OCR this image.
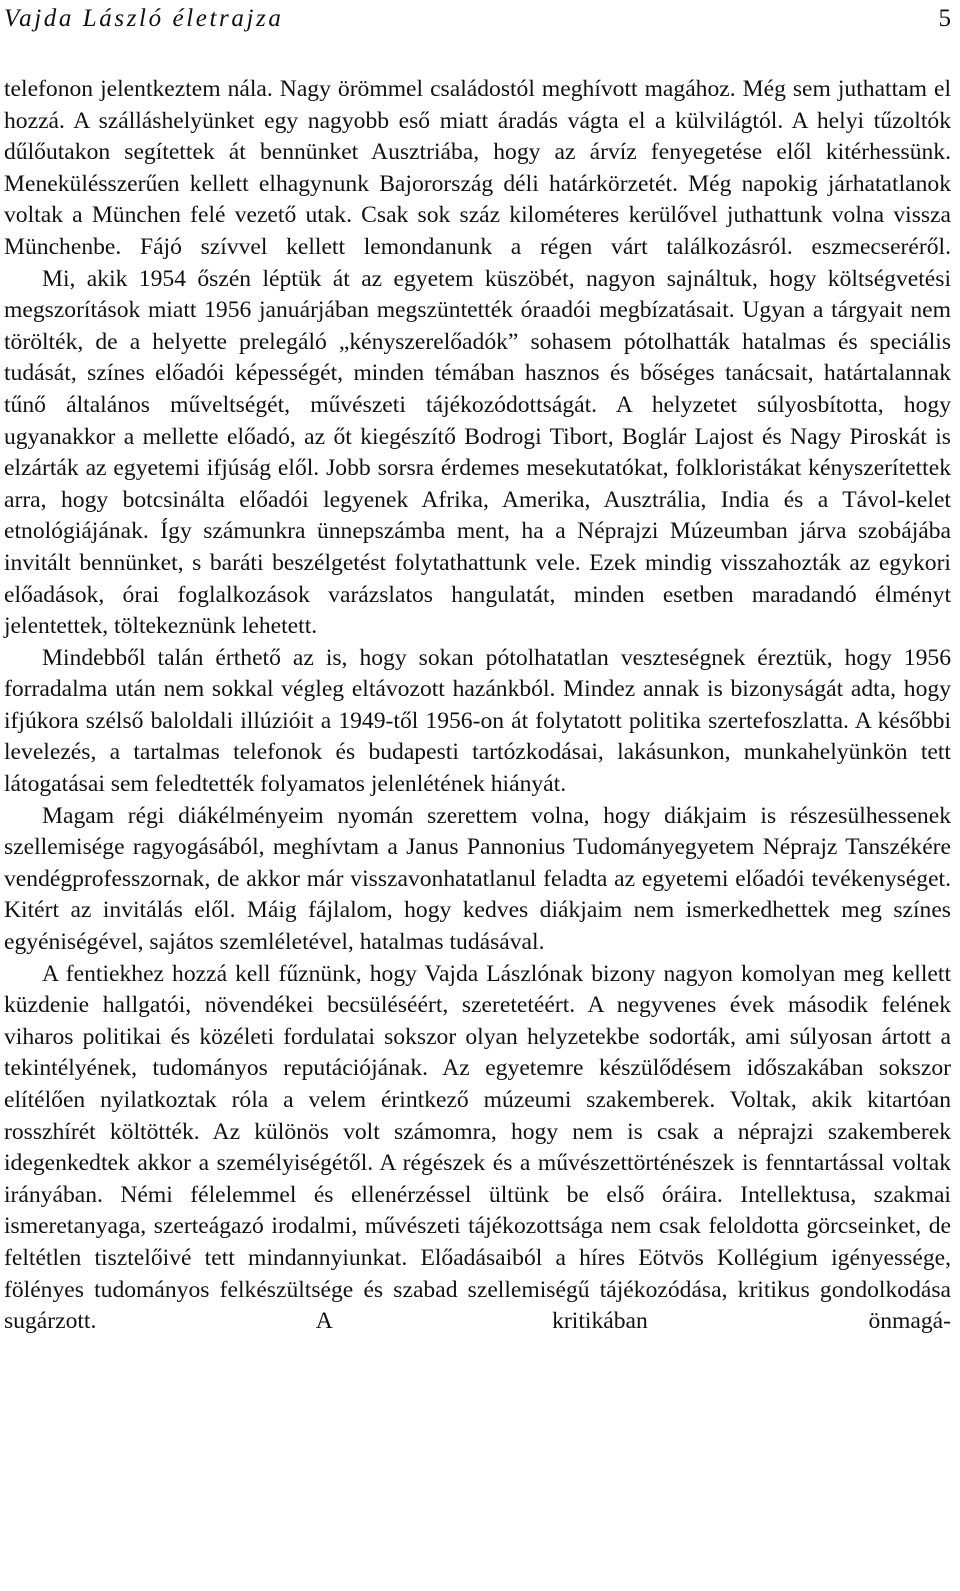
Vajda László életrajza	5

telefonon jelentkeztem nála. Nagy örömmel családostól meghívott magához. Még sem juthattam el hozzá. A szálláshelyünket egy nagyobb eső miatt áradás vágta el a külvilágtól. A helyi tűzoltók dűlőutakon segítettek át bennünket Ausztriába, hogy az árvíz fenyegetése elől kitérhessünk. Menekülésszerűen kellett elhagynunk Bajorország déli határkörzetét. Még napokig járhatatlanok voltak a München felé vezető utak. Csak sok száz kilométeres kerülővel juthattunk volna vissza Münchenbe. Fájó szívvel kellett lemondanunk a régen várt találkozásról. eszmecseréről.

Mi, akik 1954 őszén léptük át az egyetem küszöbét, nagyon sajnáltuk, hogy költségvetési megszorítások miatt 1956 januárjában megszüntették óraadói megbízatásait. Ugyan a tárgyait nem törölték, de a helyette prelegáló „kényszerelőadók” sohasem pótolhatták hatalmas és speciális tudását, színes előadói képességét, minden témában hasznos és bőséges tanácsait, határtalannak tűnő általános műveltségét, művészeti tájékozódottságát. A helyzetet súlyosbította, hogy ugyanakkor a mellette előadó, az őt kiegészítő Bodrogi Tibort, Boglár Lajost és Nagy Piroskát is elzárták az egyetemi ifjúság elől. Jobb sorsra érdemes mesekutatókat, folkloristákat kényszerítettek arra, hogy botcsinálta előadói legyenek Afrika, Amerika, Ausztrália, India és a Távol-kelet etnológiájának. Így számunkra ünnepszámba ment, ha a Néprajzi Múzeumban járva szobájába invitált bennünket, s baráti beszélgetést folytathattunk vele. Ezek mindig visszahozták az egykori előadások, órai foglalkozások varázslatos hangulatát, minden esetben maradandó élményt jelentettek, töltekeznünk lehetett.

Mindebből talán érthető az is, hogy sokan pótolhatatlan veszteségnek éreztük, hogy 1956 forradalma után nem sokkal végleg eltávozott hazánkból. Mindez annak is bizonyságát adta, hogy ifjúkora szélső baloldali illúzióit a 1949-től 1956-on át folytatott politika szertefoszlatta. A későbbi levelezés, a tartalmas telefonok és budapesti tartózkodásai, lakásunkon, munkahelyünkön tett látogatásai sem feledtették folyamatos jelenlétének hiányát.

Magam régi diákélményeim nyomán szerettem volna, hogy diákjaim is részesülhessenek szellemisége ragyogásából, meghívtam a Janus Pannonius Tudományegyetem Néprajz Tanszékére vendégprofesszornak, de akkor már visszavonhatatlanul feladta az egyetemi előadói tevékenységet. Kitért az invitálás elől. Máig fájlalom, hogy kedves diákjaim nem ismerkedhettek meg színes egyéniségével, sajátos szemléletével, hatalmas tudásával.

A fentiekhez hozzá kell fűznünk, hogy Vajda Lászlónak bizony nagyon komolyan meg kellett küzdenie hallgatói, növendékei becsüléséért, szeretetéért. A negyvenes évek második felének viharos politikai és közéleti fordulatai sokszor olyan helyzetekbe sodorták, ami súlyosan ártott a tekintélyének, tudományos reputációjának. Az egyetemre készülődésem időszakában sokszor elítélően nyilatkoztak róla a velem érintkező múzeumi szakemberek. Voltak, akik kitartóan rosszhírét költötték. Az különös volt számomra, hogy nem is csak a néprajzi szakemberek idegenkedtek akkor a személyiségétől. A régészek és a művészettörténészek is fenntartással voltak irányában. Némi félelemmel és ellenérzéssel ültünk be első óráira. Intellektusa, szakmai ismeretanyaga, szerteágazó irodalmi, művészeti tájékozottsága nem csak feloldotta görcseinket, de feltétlen tisztelőivé tett mindannyiunkat. Előadásaiból a híres Eötvös Kollégium igényessége, fölényes tudományos felkészültsége és szabad szellemiségű tájékozódása, kritikus gondolkodása sugárzott. A kritikában önmagá-
